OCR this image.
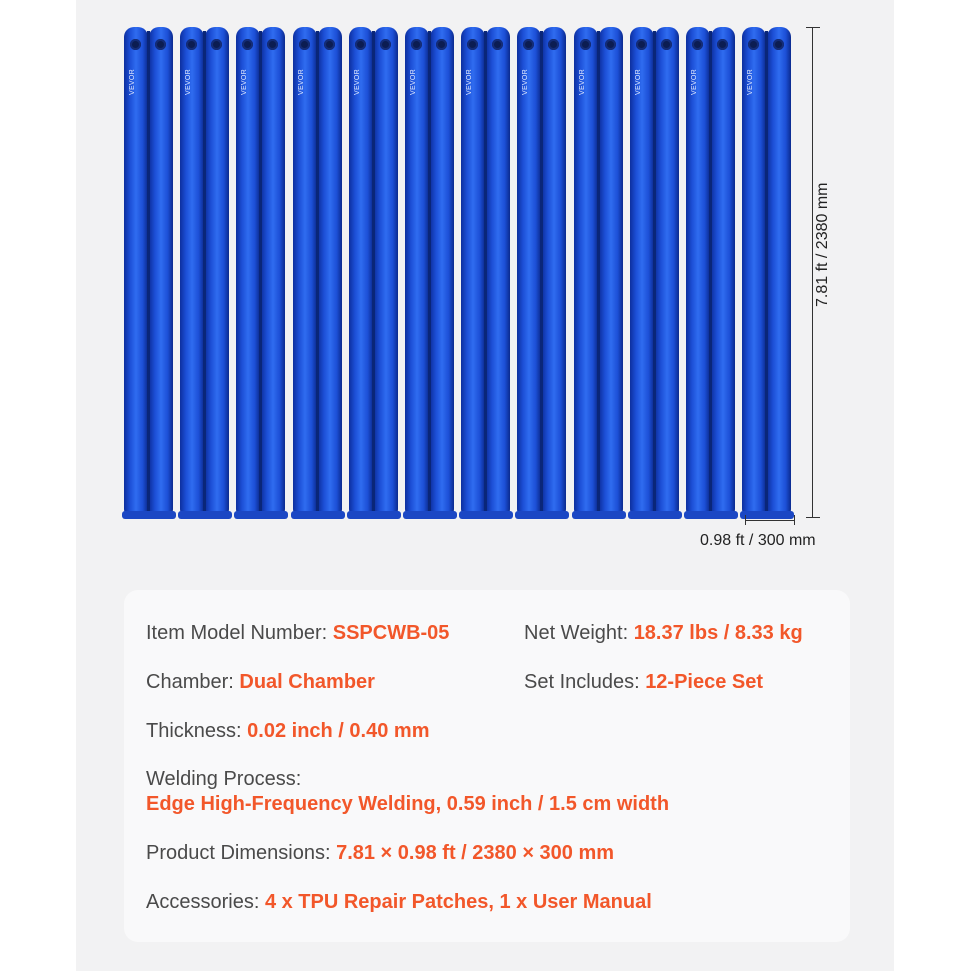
VEVOR	VEVOR	VEVOR	VEVOR	VEVOR	VEVOR	VEVOR	VEVOR	VEVOR	VEVOR	VEVOR	VEVOR
7.81 ft / 2380 mm
0.98 ft / 300 mm
Item Model Number: SSPCWB-05	Net Weight: 18.37 lbs / 8.33 kg
Chamber: Dual Chamber	Set Includes: 12-Piece Set
Thickness: 0.02 inch / 0.40 mm
Welding Process:
Edge High-Frequency Welding, 0.59 inch / 1.5 cm width
Product Dimensions: 7.81 × 0.98 ft / 2380 × 300 mm
Accessories: 4 x TPU Repair Patches, 1 x User Manual
